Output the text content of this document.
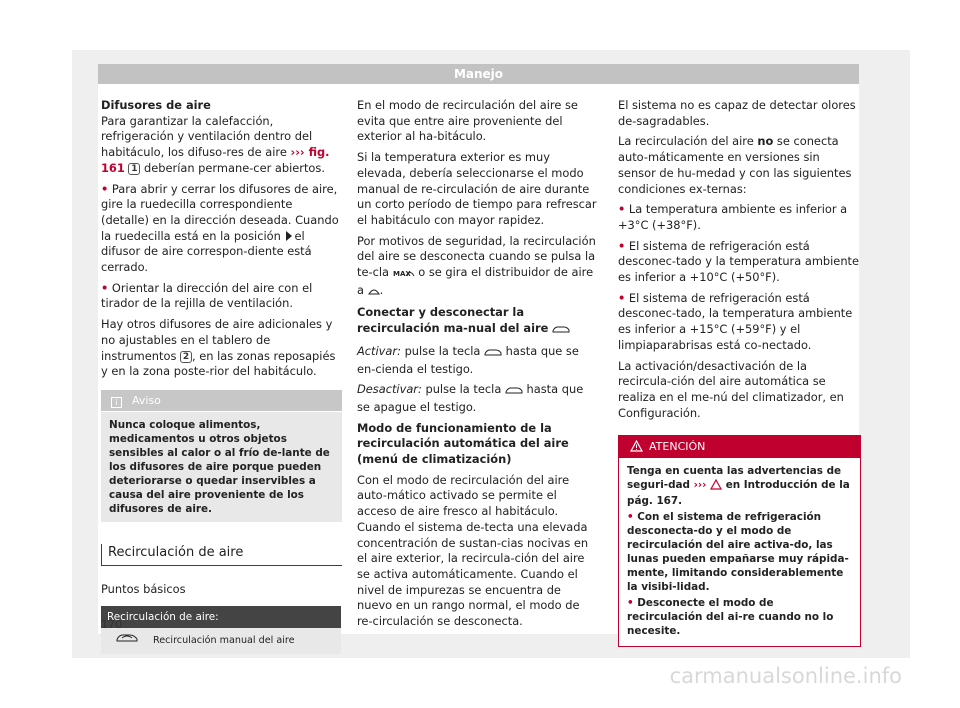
Manejo

Difusores de aire

Para garantizar la calefacción, refrigeración y ventilación dentro del habitáculo, los difuso-res de aire ››› fig. 161 1 deberían permane-cer abiertos.

• Para abrir y cerrar los difusores de aire, gire la ruedecilla correspondiente (detalle) en la dirección deseada. Cuando la ruedecilla está en la posición el difusor de aire correspon-diente está cerrado.

• Orientar la dirección del aire con el tirador de la rejilla de ventilación.

Hay otros difusores de aire adicionales y no ajustables en el tablero de instrumentos 2 , en las zonas reposapiés y en la zona poste-rior del habitáculo.

i Aviso
Nunca coloque alimentos, medicamentos u otros objetos sensibles al calor o al frío de-lante de los difusores de aire porque pueden deteriorarse o quedar inservibles a causa del aire proveniente de los difusores de aire.
Recirculación de aire

Puntos básicos

Recirculación de aire:
Recirculación manual del aire

En el modo de recirculación del aire se evita que entre aire proveniente del exterior al ha-bitáculo.

Si la temperatura exterior es muy elevada, debería seleccionarse el modo manual de re-circulación de aire durante un corto período de tiempo para refrescar el habitáculo con mayor rapidez.

Por motivos de seguridad, la recirculación del aire se desconecta cuando se pulsa la te-cla MAX o se gira el distribuidor de aire a .

Conectar y desconectar la recirculación ma-nual del aire

Activar: pulse la tecla hasta que se en-cienda el testigo.

Desactivar: pulse la tecla hasta que se apague el testigo.

Modo de funcionamiento de la recirculación automática del aire (menú de climatización)

Con el modo de recirculación del aire auto-mático activado se permite el acceso de aire fresco al habitáculo. Cuando el sistema de-tecta una elevada concentración de sustan-cias nocivas en el aire exterior, la recircula-ción del aire se activa automáticamente. Cuando el nivel de impurezas se encuentra de nuevo en un rango normal, el modo de re-circulación se desconecta.

El sistema no es capaz de detectar olores de-sagradables.

La recirculación del aire no se conecta auto-máticamente en versiones sin sensor de hu-medad y con las siguientes condiciones ex-ternas:

• La temperatura ambiente es inferior a +3°C (+38°F).

• El sistema de refrigeración está desconec-tado y la temperatura ambiente es inferior a +10°C (+50°F).

• El sistema de refrigeración está desconec-tado, la temperatura ambiente es inferior a +15°C (+59°F) y el limpiaparabrisas está co-nectado.

La activación/desactivación de la recircula-ción del aire automática se realiza en el me-nú del climatizador, en Configuración.

ATENCIÓN

Tenga en cuenta las advertencias de seguri-dad ››› en Introducción de la pág. 167.

• Con el sistema de refrigeración desconecta-do y el modo de recirculación del aire activa-do, las lunas pueden empañarse muy rápida-mente, limitando considerablemente la visibi-lidad.

• Desconecte el modo de recirculación del ai-re cuando no lo necesite.

170
carmanualsonline.info
